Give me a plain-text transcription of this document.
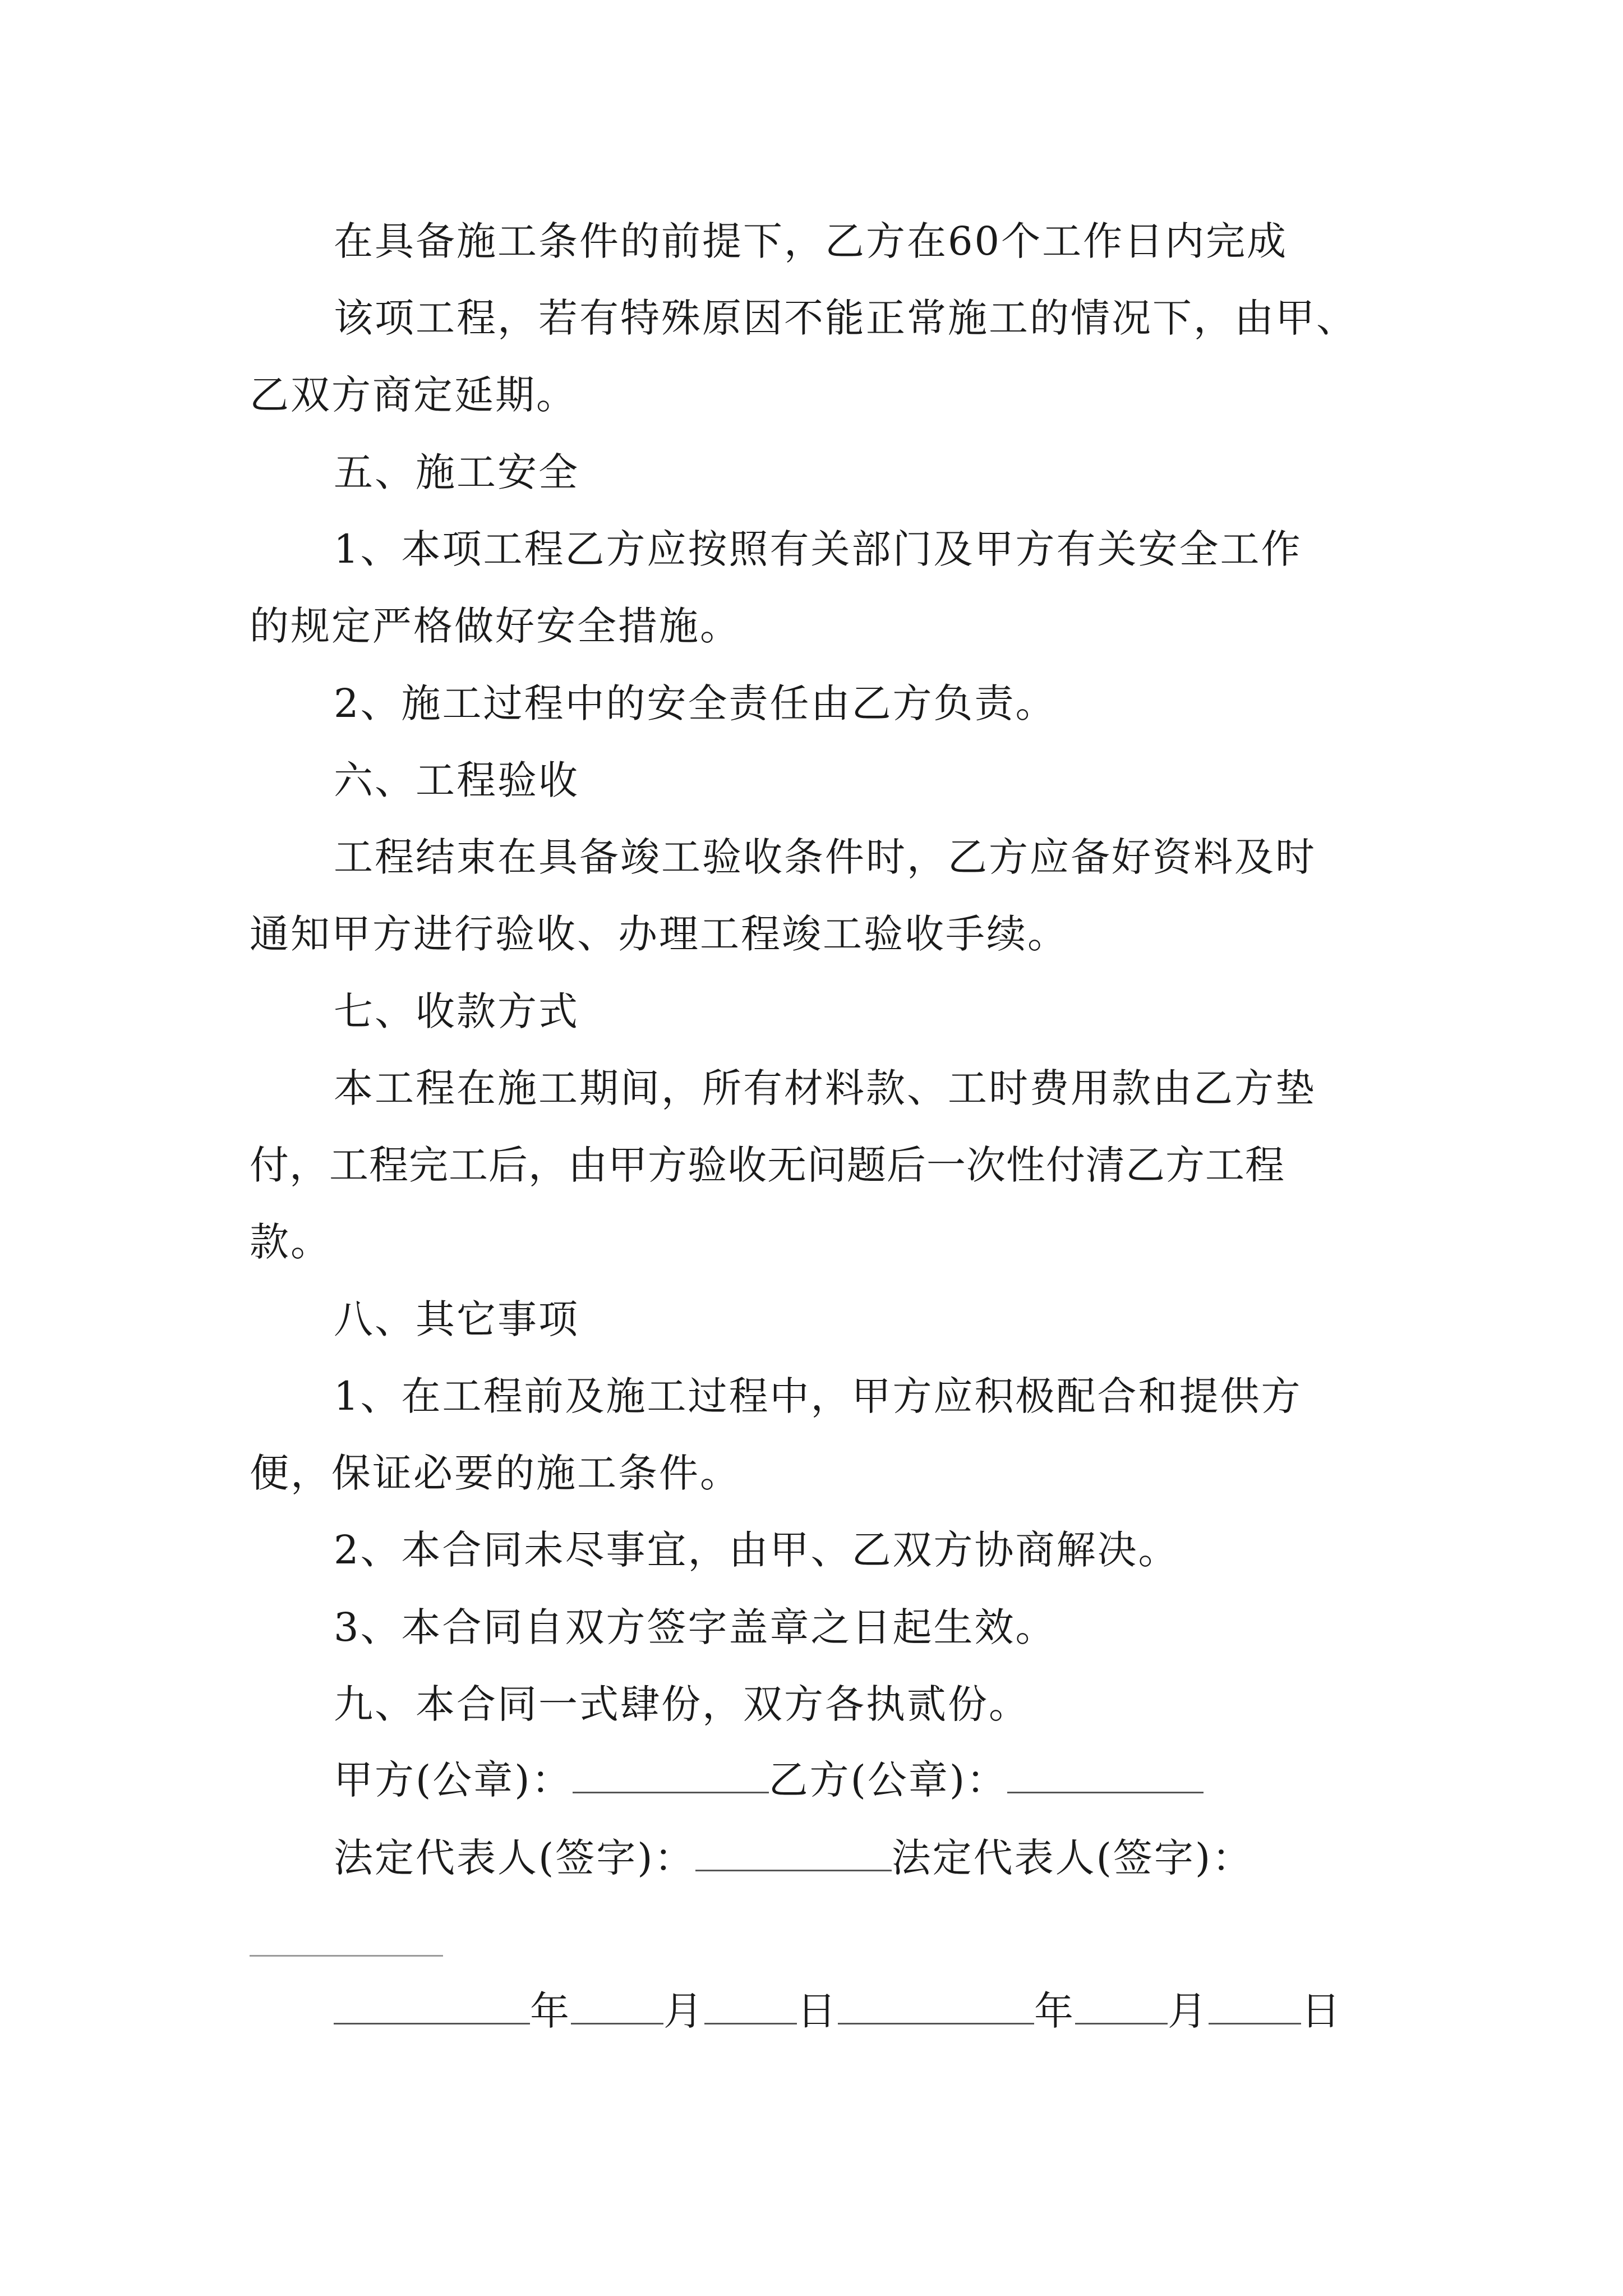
在具备施工条件的前提下，乙方在60个工作日内完成
该项工程，若有特殊原因不能正常施工的情况下，由甲、
乙双方商定延期。
五、施工安全
1、本项工程乙方应按照有关部门及甲方有关安全工作
的规定严格做好安全措施。
2、施工过程中的安全责任由乙方负责。
六、工程验收
工程结束在具备竣工验收条件时，乙方应备好资料及时
通知甲方进行验收、办理工程竣工验收手续。
七、收款方式
本工程在施工期间，所有材料款、工时费用款由乙方垫
付，工程完工后，由甲方验收无问题后一次性付清乙方工程
款。
八、其它事项
1、在工程前及施工过程中，甲方应积极配合和提供方
便，保证必要的施工条件。
2、本合同未尽事宜，由甲、乙双方协商解决。
3、本合同自双方签字盖章之日起生效。
九、本合同一式肆份，双方各执贰份。
甲方(公章)：	乙方(公章)：
法定代表人(签字)：	法定代表人(签字)：
年 月 日	年 月 日
